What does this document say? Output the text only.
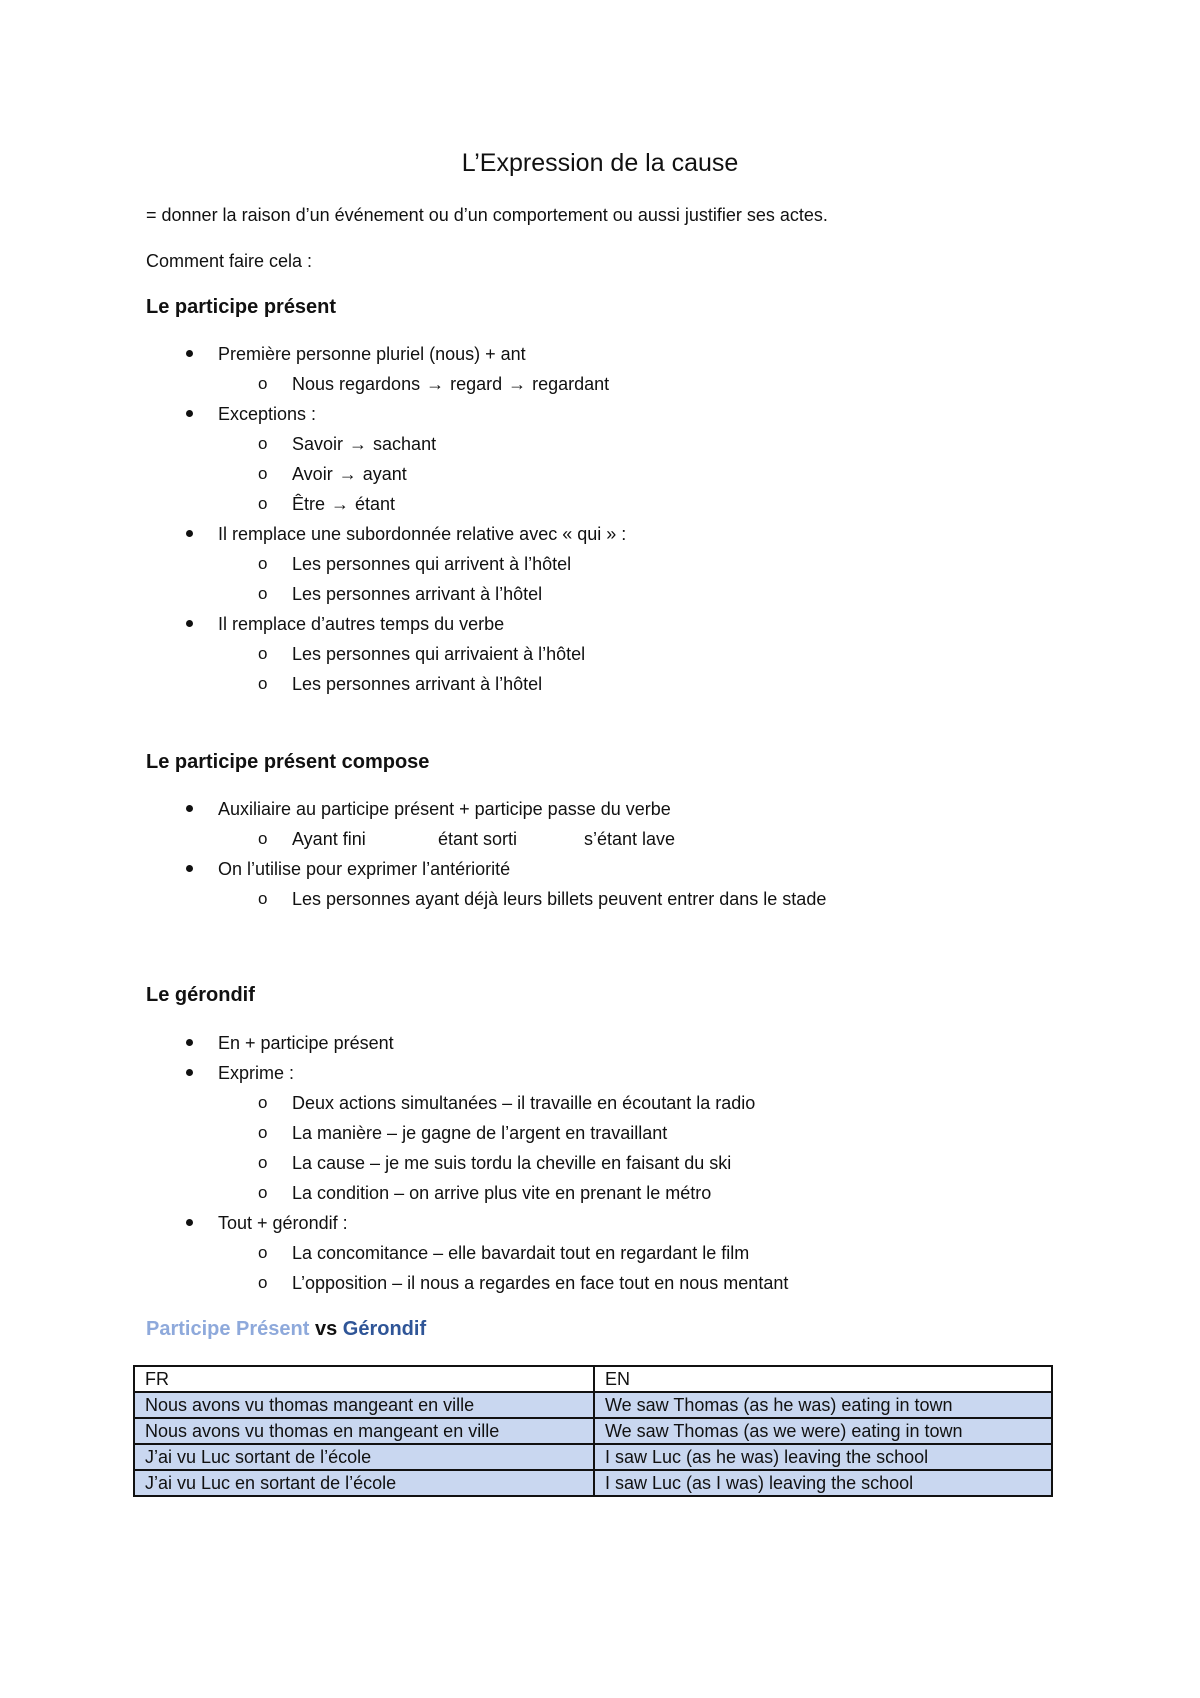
L’Expression de la cause
= donner la raison d’un événement ou d’un comportement ou aussi justifier ses actes.
Comment faire cela :
Le participe présent
Première personne pluriel (nous) + ant
o Nous regardons → regard → regardant
Exceptions :
o Savoir → sachant
o Avoir → ayant
o Être → étant
Il remplace une subordonnée relative avec « qui » :
o Les personnes qui arrivent à l’hôtel
o Les personnes arrivant à l’hôtel
Il remplace d’autres temps du verbe
o Les personnes qui arrivaient à l’hôtel
o Les personnes arrivant à l’hôtel
Le participe présent compose
Auxiliaire au participe présent + participe passe du verbe
o Ayant fini	étant sorti	s’étant lave
On l’utilise pour exprimer l’antériorité
o Les personnes ayant déjà leurs billets peuvent entrer dans le stade
Le gérondif
En + participe présent
Exprime :
o Deux actions simultanées – il travaille en écoutant la radio
o La manière – je gagne de l’argent en travaillant
o La cause – je me suis tordu la cheville en faisant du ski
o La condition – on arrive plus vite en prenant le métro
Tout + gérondif :
o La concomitance – elle bavardait tout en regardant le film
o L’opposition – il nous a regardes en face tout en nous mentant
Participe Présent vs Gérondif
FR	EN
Nous avons vu thomas mangeant en ville	We saw Thomas (as he was) eating in town
Nous avons vu thomas en mangeant en ville	We saw Thomas (as we were) eating in town
J’ai vu Luc sortant de l’école	I saw Luc (as he was) leaving the school
J’ai vu Luc en sortant de l’école	I saw Luc (as I was) leaving the school
